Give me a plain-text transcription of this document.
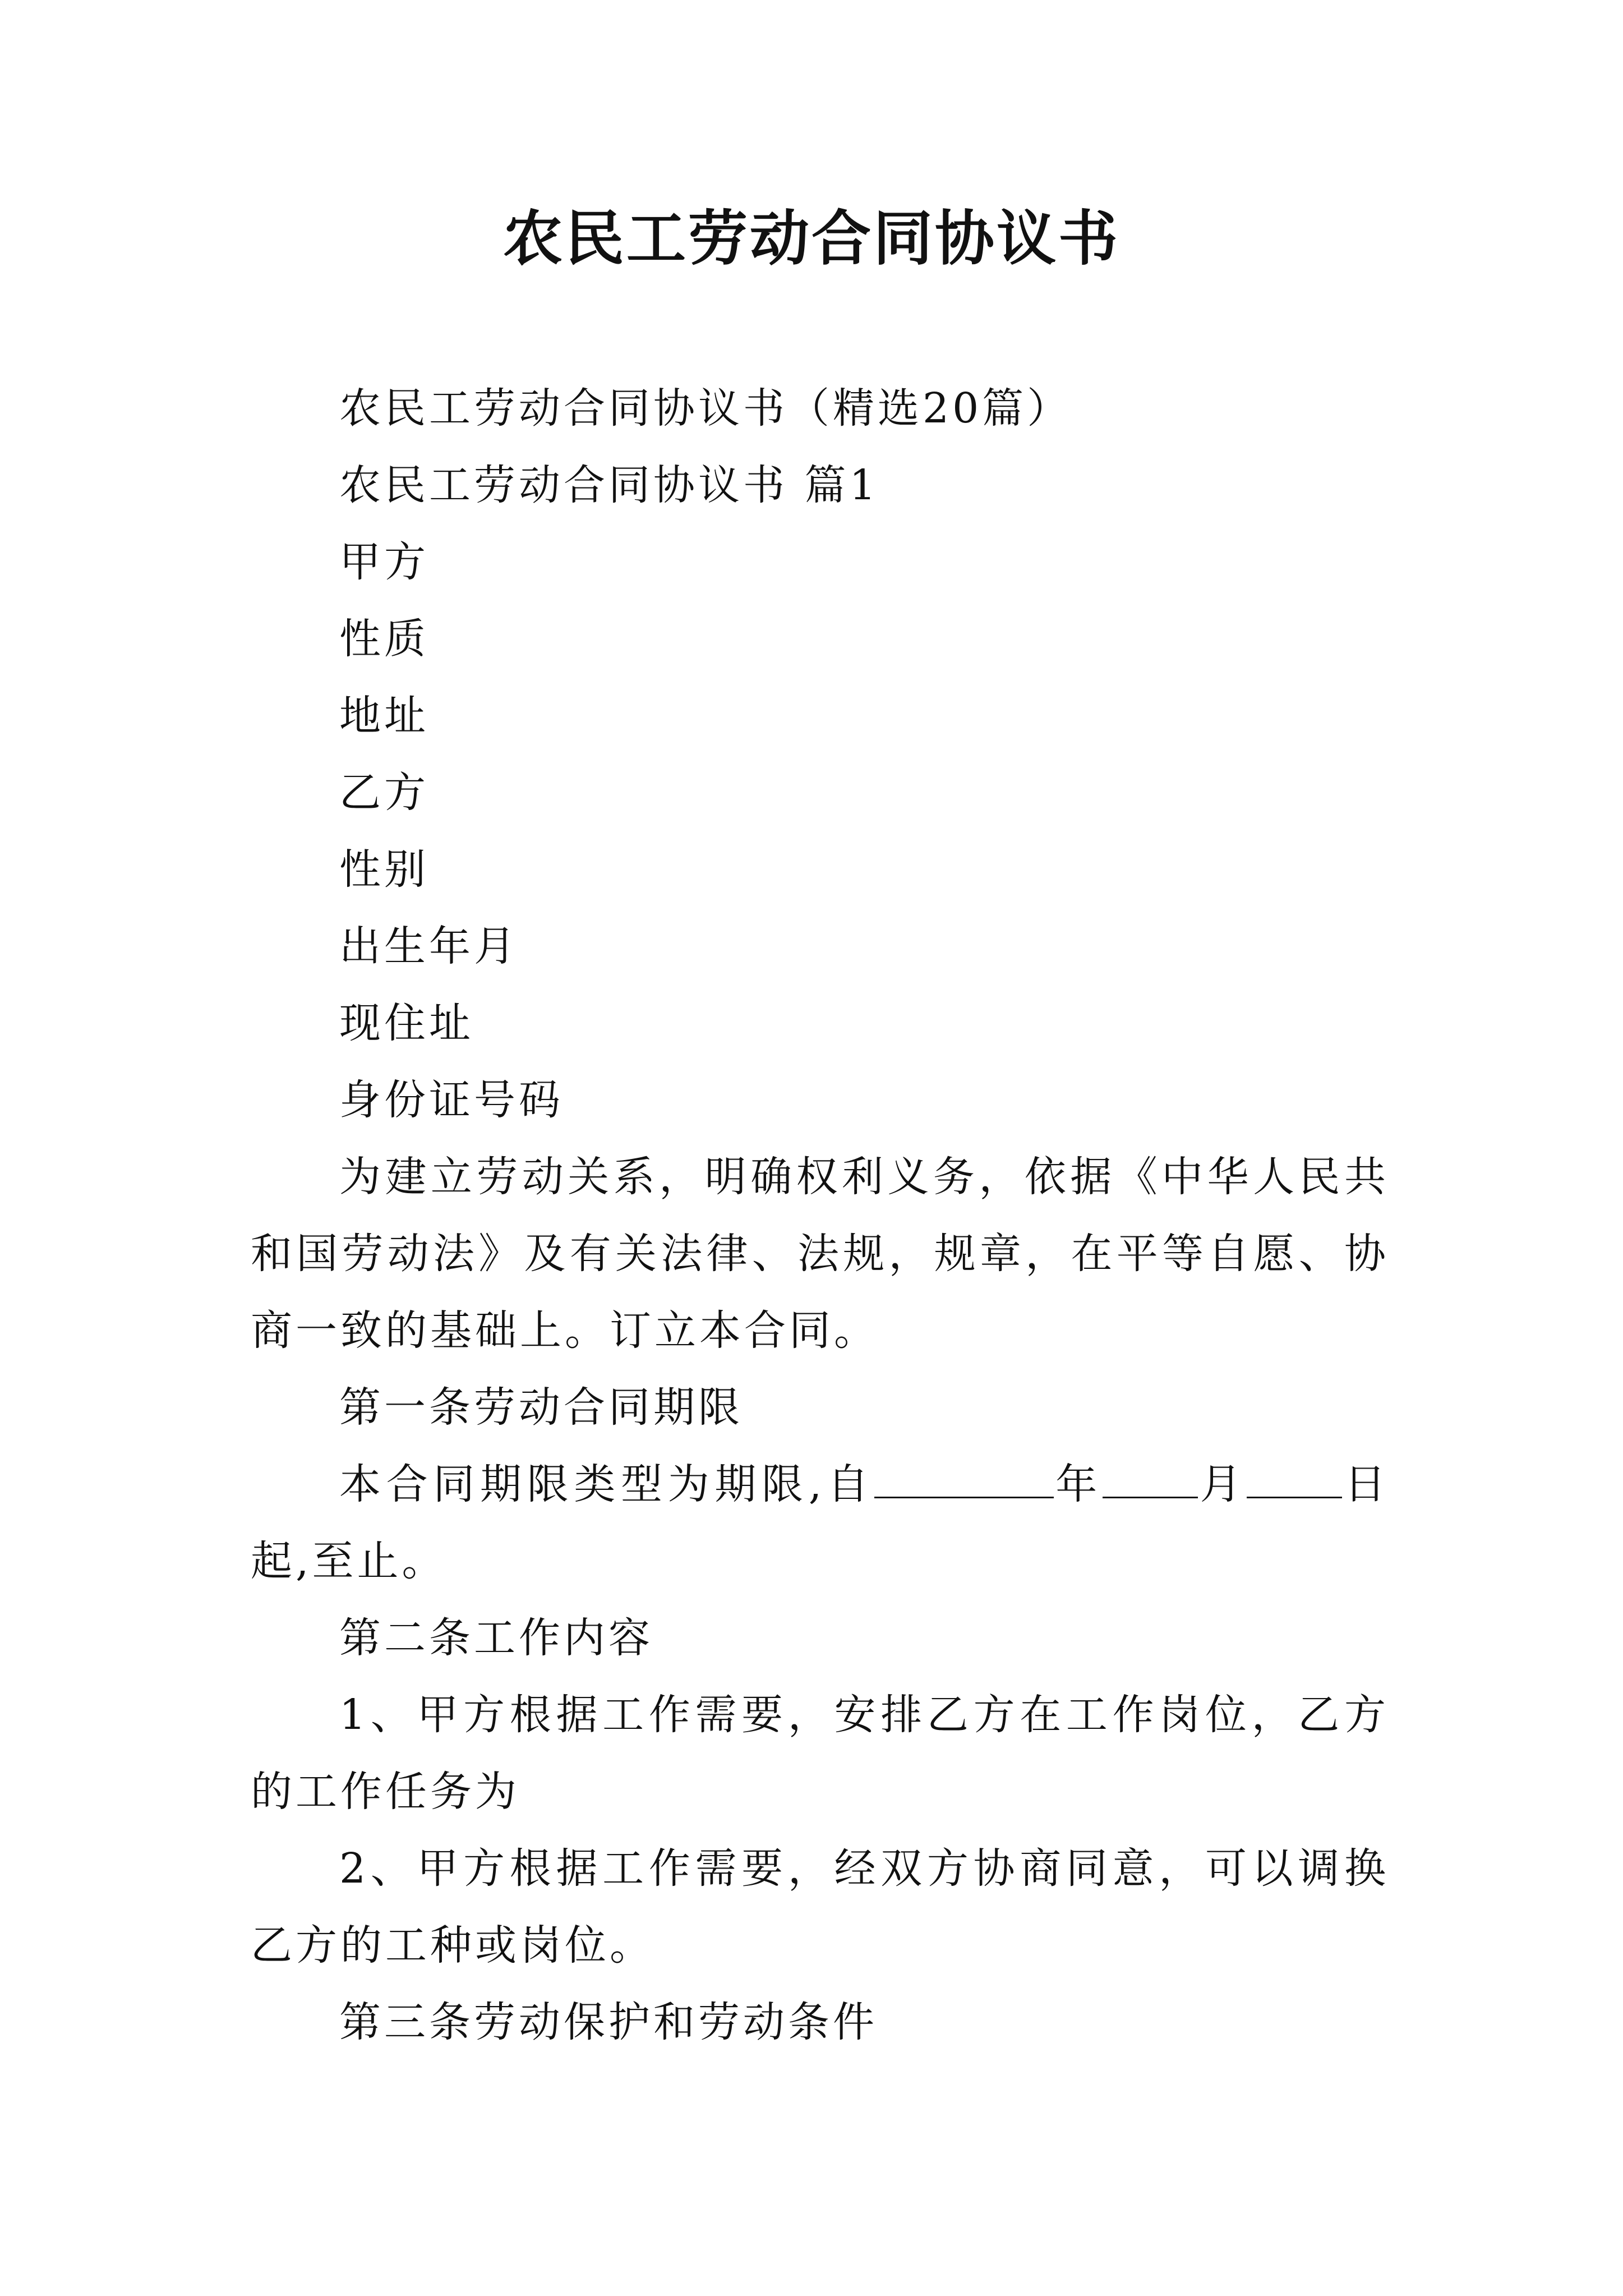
农民工劳动合同协议书

农民工劳动合同协议书（精选20篇）

农民工劳动合同协议书 篇1

甲方

性质

地址

乙方

性别

出生年月

现住址

身份证号码

为建立劳动关系，明确权利义务，依据《中华人民共和国劳动法》及有关法律、法规，规章，在平等自愿、协商一致的基础上。订立本合同。

第一条劳动合同期限

本合同期限类型为期限,自	年 月 日起,至止。

第二条工作内容

1、甲方根据工作需要，安排乙方在工作岗位，乙方的工作任务为

2、甲方根据工作需要，经双方协商同意，可以调换乙方的工种或岗位。

第三条劳动保护和劳动条件
